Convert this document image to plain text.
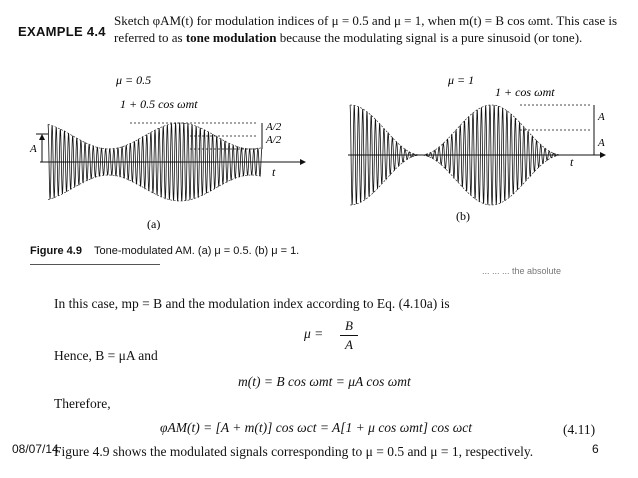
EXAMPLE 4.4
Sketch φAM(t) for modulation indices of μ = 0.5 and μ = 1, when m(t) = B cos ωmt. This case is referred to as tone modulation because the modulating signal is a pure sinusoid (or tone).
μ = 0.5
1 + 0.5 cos ωmt
t
A
A/2
A/2
(a)
μ = 1
1 + cos ωmt
t
A
A
(b)
Figure 4.9 Tone-modulated AM. (a) μ = 0.5. (b) μ = 1.
... ... ... the absolute
In this case, mp = B and the modulation index according to Eq. (4.10a) is
μ =
B
A
Hence, B = μA and
m(t) = B cos ωmt = μA cos ωmt
Therefore,
φAM(t) = [A + m(t)] cos ωct = A[1 + μ cos ωmt] cos ωct	(4.11)
Figure 4.9 shows the modulated signals corresponding to μ = 0.5 and μ = 1, respectively.
08/07/14	6
